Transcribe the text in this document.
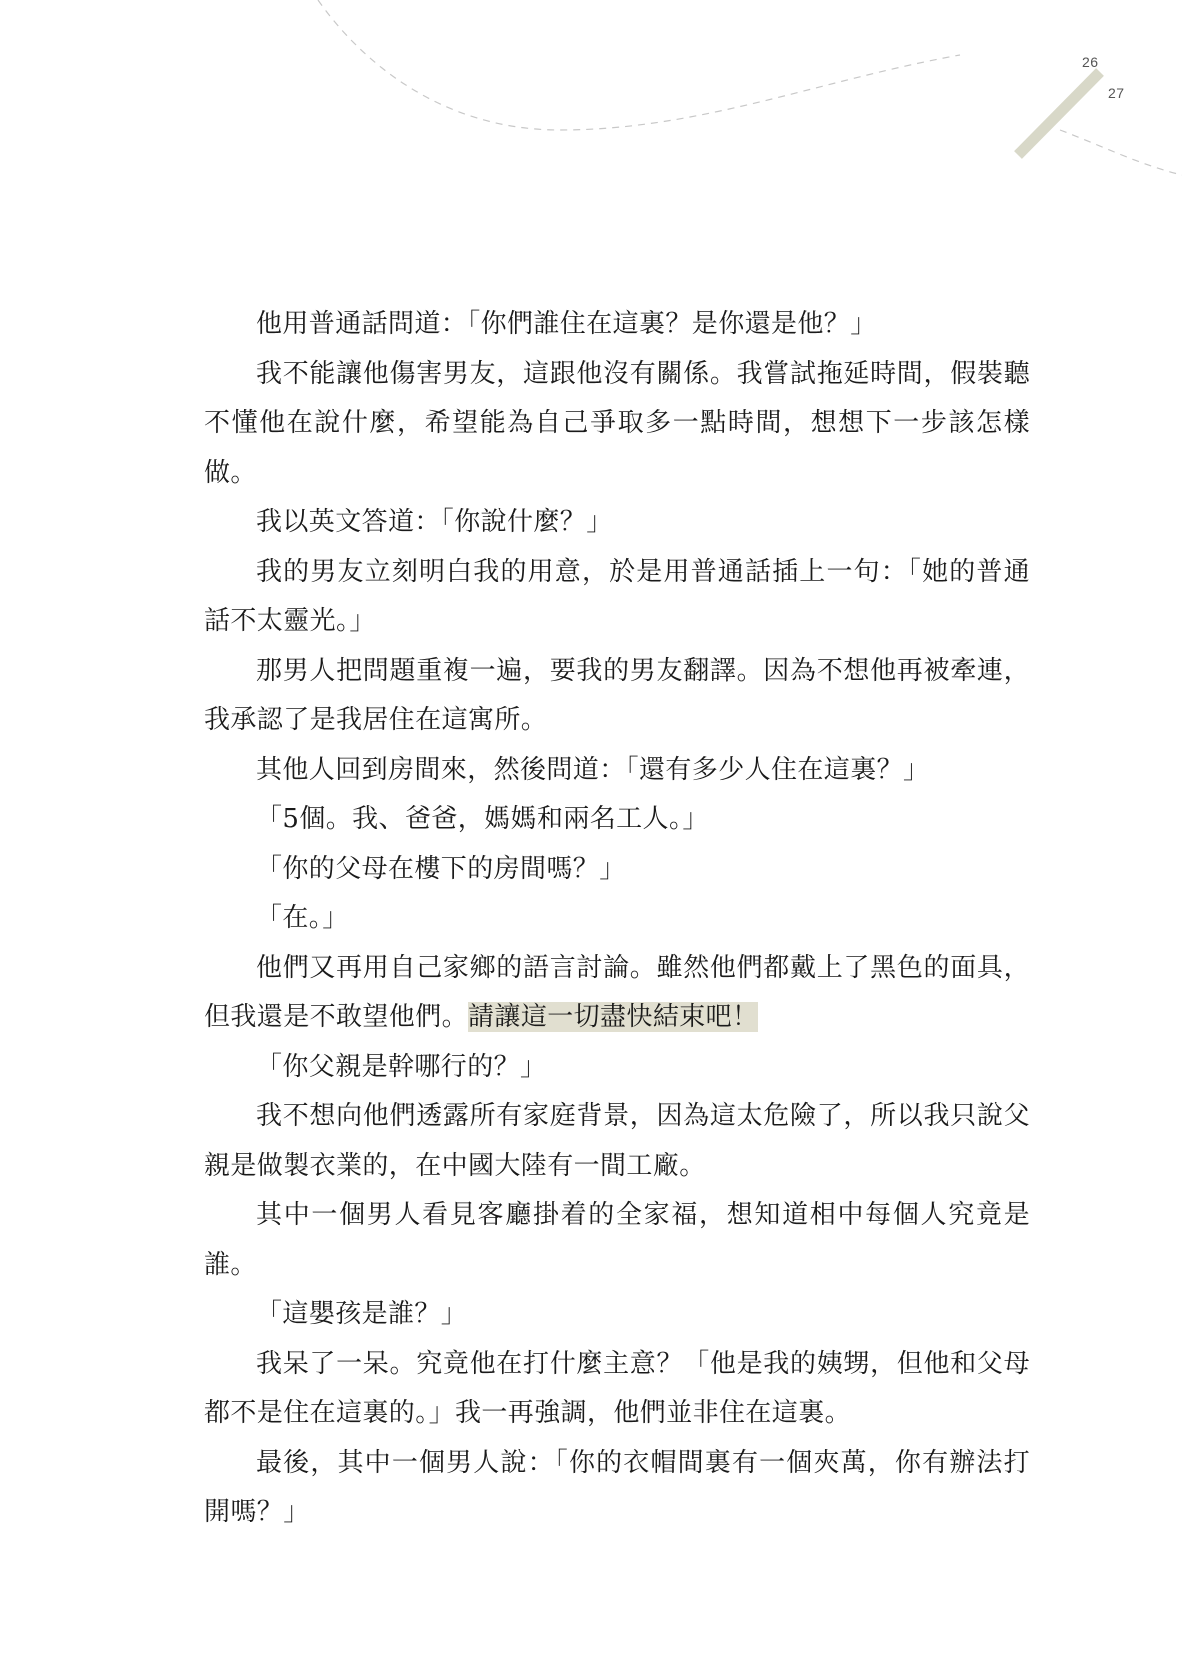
26
27

他用普通話問道：「你們誰住在這裏？是你還是他？」

我不能讓他傷害男友，這跟他沒有關係。我嘗試拖延時間，假裝聽不懂他在說什麼，希望能為自己爭取多一點時間，想想下一步該怎樣做。

我以英文答道：「你說什麼？」

我的男友立刻明白我的用意，於是用普通話插上一句：「她的普通話不太靈光。」

那男人把問題重複一遍，要我的男友翻譯。因為不想他再被牽連，我承認了是我居住在這寓所。

其他人回到房間來，然後問道：「還有多少人住在這裏？」

「5個。我、爸爸，媽媽和兩名工人。」

「你的父母在樓下的房間嗎？」

「在。」

他們又再用自己家鄉的語言討論。雖然他們都戴上了黑色的面具，但我還是不敢望他們。請讓這一切盡快結束吧！

「你父親是幹哪行的？」

我不想向他們透露所有家庭背景，因為這太危險了，所以我只說父親是做製衣業的，在中國大陸有一間工廠。

其中一個男人看見客廳掛着的全家福，想知道相中每個人究竟是誰。

「這嬰孩是誰？」

我呆了一呆。究竟他在打什麼主意？「他是我的姨甥，但他和父母都不是住在這裏的。」我一再強調，他們並非住在這裏。

最後，其中一個男人說：「你的衣帽間裏有一個夾萬，你有辦法打開嗎？」
